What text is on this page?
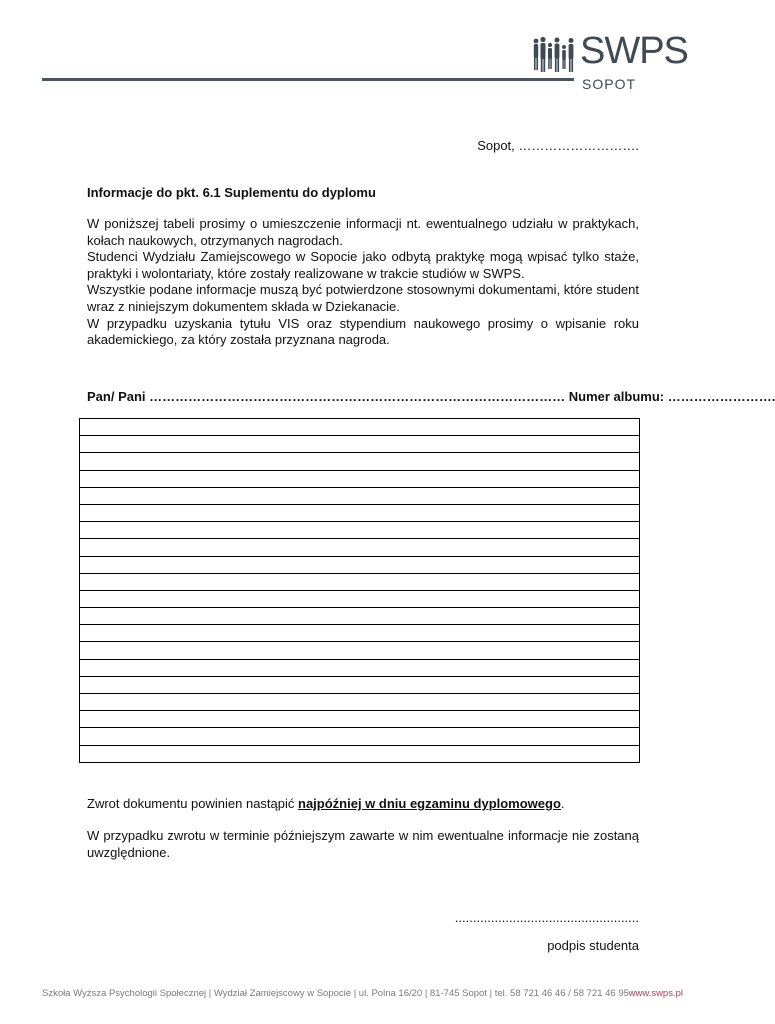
SWPS
SOPOT
Sopot, ……………………….
Informacje do pkt. 6.1 Suplementu do dyplomu

W poniższej tabeli prosimy o umieszczenie informacji nt. ewentualnego udziału w praktykach, kołach naukowych, otrzymanych nagrodach.

Studenci Wydziału Zamiejscowego w Sopocie jako odbytą praktykę mogą wpisać tylko staże, praktyki i wolontariaty, które zostały realizowane w trakcie studiów w SWPS.

Wszystkie podane informacje muszą być potwierdzone stosownymi dokumentami, które student wraz z niniejszym dokumentem składa w Dziekanacie.

W przypadku uzyskania tytułu VIS oraz stypendium naukowego prosimy o wpisanie roku akademickiego, za który została przyznana nagroda.

Pan/ Pani …………………………………………………………………………………… Numer albumu: …………………….

Zwrot dokumentu powinien nastąpić najpóźniej w dniu egzaminu dyplomowego.
W przypadku zwrotu w terminie późniejszym zawarte w nim ewentualne informacje nie zostaną uwzględnione.
...................................................
podpis studenta
Szkoła Wyższa Psychologii Społecznej | Wydział Zamiejscowy w Sopocie | ul. Polna 16/20 | 81-745 Sopot | tel. 58 721 46 46 / 58 721 46 95 www.swps.pl
